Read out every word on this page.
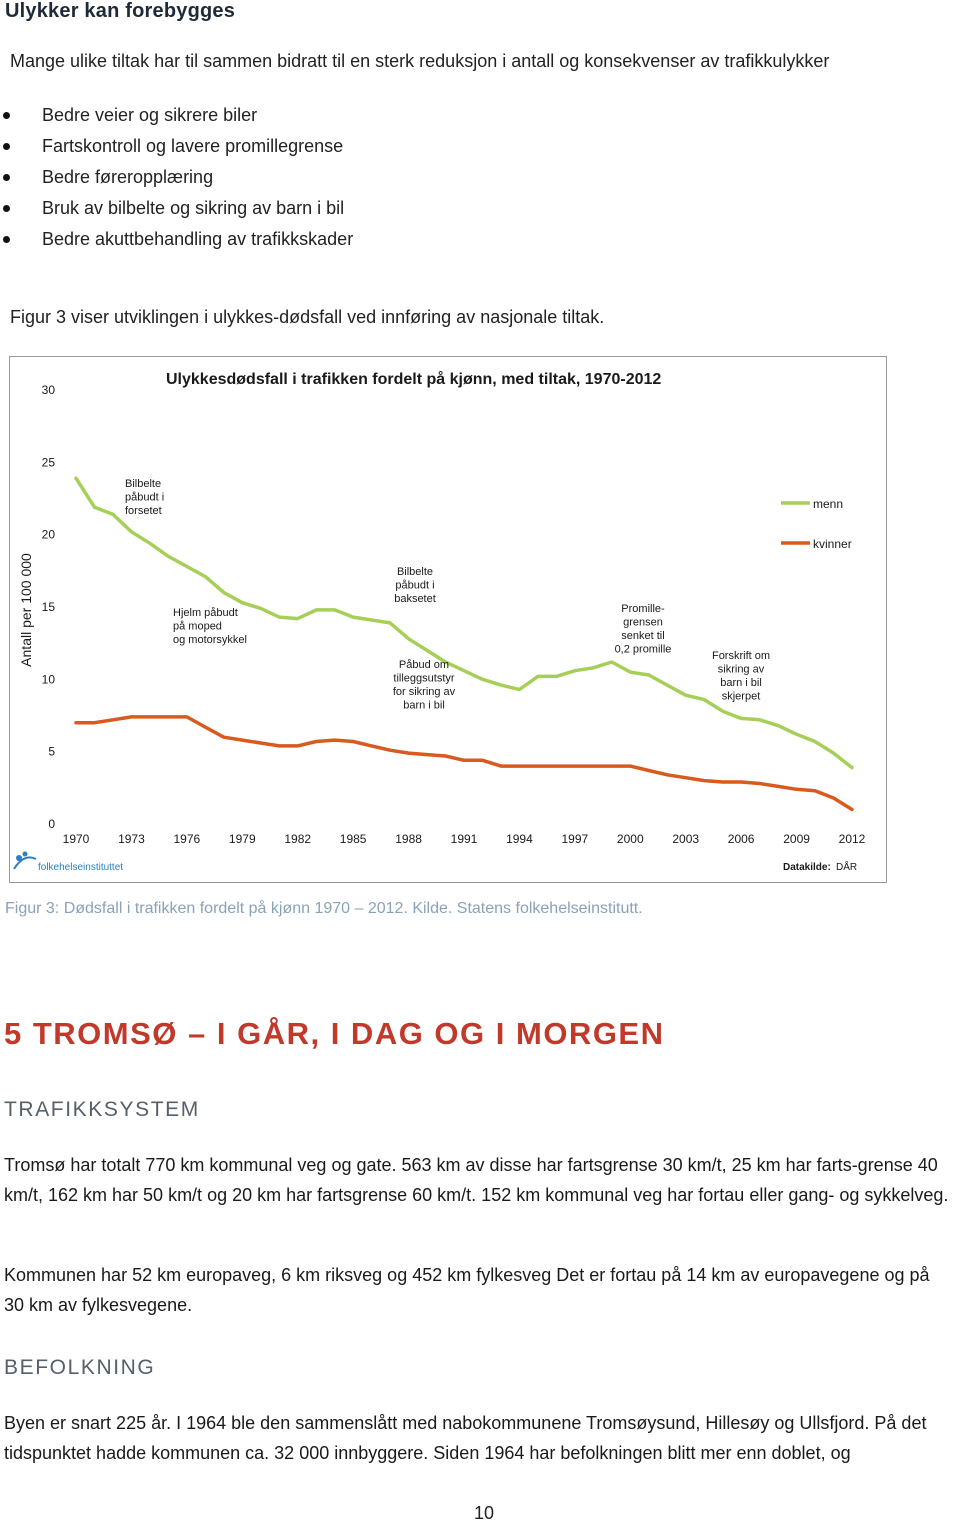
Ulykker kan forebygges
Mange ulike tiltak har til sammen bidratt til en sterk reduksjon i antall og konsekvenser av trafikkulykker
Bedre veier og sikrere biler
Fartskontroll og lavere promillegrense
Bedre føreropplæring
Bruk av bilbelte og sikring av barn i bil
Bedre akuttbehandling av trafikkskader
Figur 3 viser utviklingen i ulykkes-dødsfall ved innføring av nasjonale tiltak.
Ulykkesdødsfall i trafikken fordelt på kjønn, med tiltak, 1970-2012
Antall per 100 000
0
5
10
15
20
25
30
1970 1973 1976 1979 1982 1985 1988 1991 1994 1997 2000 2003 2006 2009 2012
Bilbelte
påbudt i
forsetet
Hjelm påbudt
på moped
og motorsykkel
Bilbelte
påbudt i
baksetet
Påbud om
tilleggsutstyr
for sikring av
barn i bil
Promille-
grensen
senket til
0,2 promille
Forskrift om
sikring av
barn i bil
skjerpet
menn
kvinner
folkehelseinstituttet	Datakilde: DÅR
Figur 3: Dødsfall i trafikken fordelt på kjønn 1970 – 2012. Kilde. Statens folkehelseinstitutt.
5 TROMSØ – I GÅR, I DAG OG I MORGEN
TRAFIKKSYSTEM
Tromsø har totalt 770 km kommunal veg og gate. 563 km av disse har fartsgrense 30 km/t, 25 km har farts-grense 40 km/t, 162 km har 50 km/t og 20 km har fartsgrense 60 km/t. 152 km kommunal veg har fortau eller gang- og sykkelveg.
Kommunen har 52 km europaveg, 6 km riksveg og 452 km fylkesveg Det er fortau på 14 km av europavegene og på 30 km av fylkesvegene.
BEFOLKNING
Byen er snart 225 år. I 1964 ble den sammenslått med nabokommunene Tromsøysund, Hillesøy og Ullsfjord. På det tidspunktet hadde kommunen ca. 32 000 innbyggere. Siden 1964 har befolkningen blitt mer enn doblet, og
10
